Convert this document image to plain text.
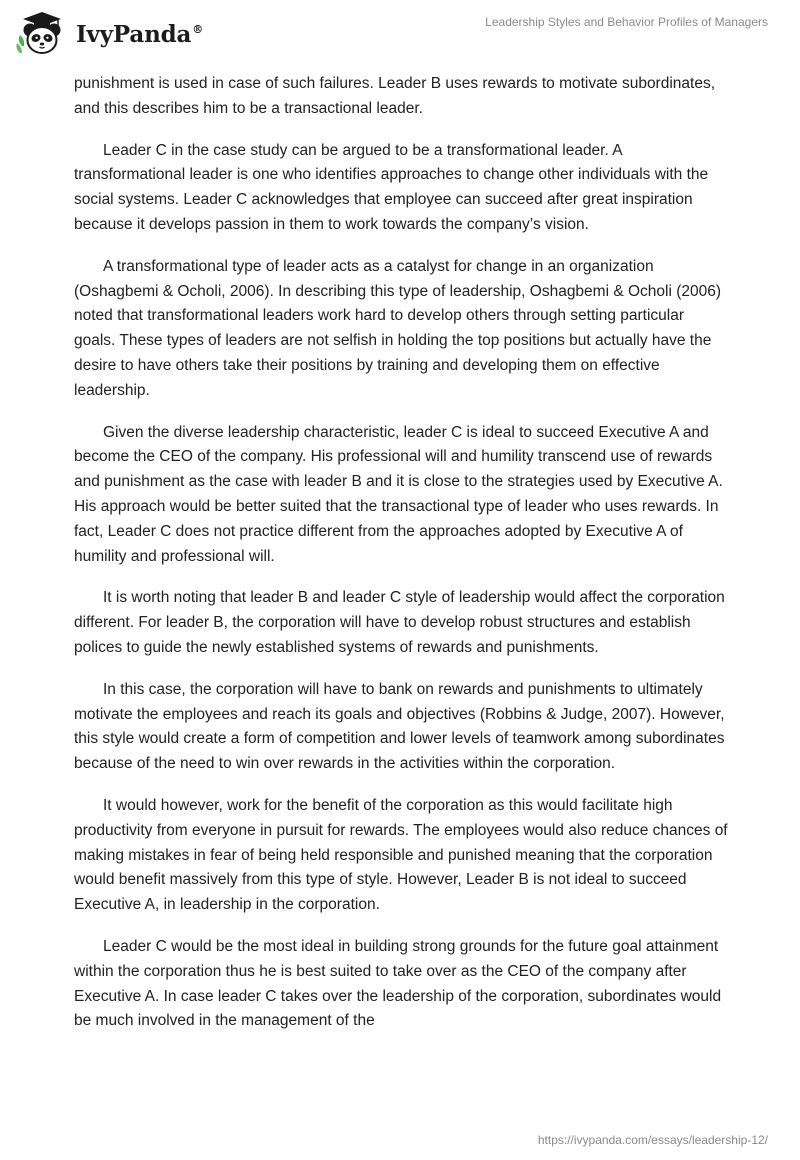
IvyPanda®
Leadership Styles and Behavior Profiles of Managers

punishment is used in case of such failures. Leader B uses rewards to motivate subordinates, and this describes him to be a transactional leader.

Leader C in the case study can be argued to be a transformational leader. A transformational leader is one who identifies approaches to change other individuals with the social systems. Leader C acknowledges that employee can succeed after great inspiration because it develops passion in them to work towards the company’s vision.

A transformational type of leader acts as a catalyst for change in an organization (Oshagbemi & Ocholi, 2006). In describing this type of leadership, Oshagbemi & Ocholi (2006) noted that transformational leaders work hard to develop others through setting particular goals. These types of leaders are not selfish in holding the top positions but actually have the desire to have others take their positions by training and developing them on effective leadership.

Given the diverse leadership characteristic, leader C is ideal to succeed Executive A and become the CEO of the company. His professional will and humility transcend use of rewards and punishment as the case with leader B and it is close to the strategies used by Executive A. His approach would be better suited that the transactional type of leader who uses rewards. In fact, Leader C does not practice different from the approaches adopted by Executive A of humility and professional will.

It is worth noting that leader B and leader C style of leadership would affect the corporation different. For leader B, the corporation will have to develop robust structures and establish polices to guide the newly established systems of rewards and punishments.

In this case, the corporation will have to bank on rewards and punishments to ultimately motivate the employees and reach its goals and objectives (Robbins & Judge, 2007). However, this style would create a form of competition and lower levels of teamwork among subordinates because of the need to win over rewards in the activities within the corporation.

It would however, work for the benefit of the corporation as this would facilitate high productivity from everyone in pursuit for rewards. The employees would also reduce chances of making mistakes in fear of being held responsible and punished meaning that the corporation would benefit massively from this type of style. However, Leader B is not ideal to succeed Executive A, in leadership in the corporation.

Leader C would be the most ideal in building strong grounds for the future goal attainment within the corporation thus he is best suited to take over as the CEO of the company after Executive A. In case leader C takes over the leadership of the corporation, subordinates would be much involved in the management of the

https://ivypanda.com/essays/leadership-12/
